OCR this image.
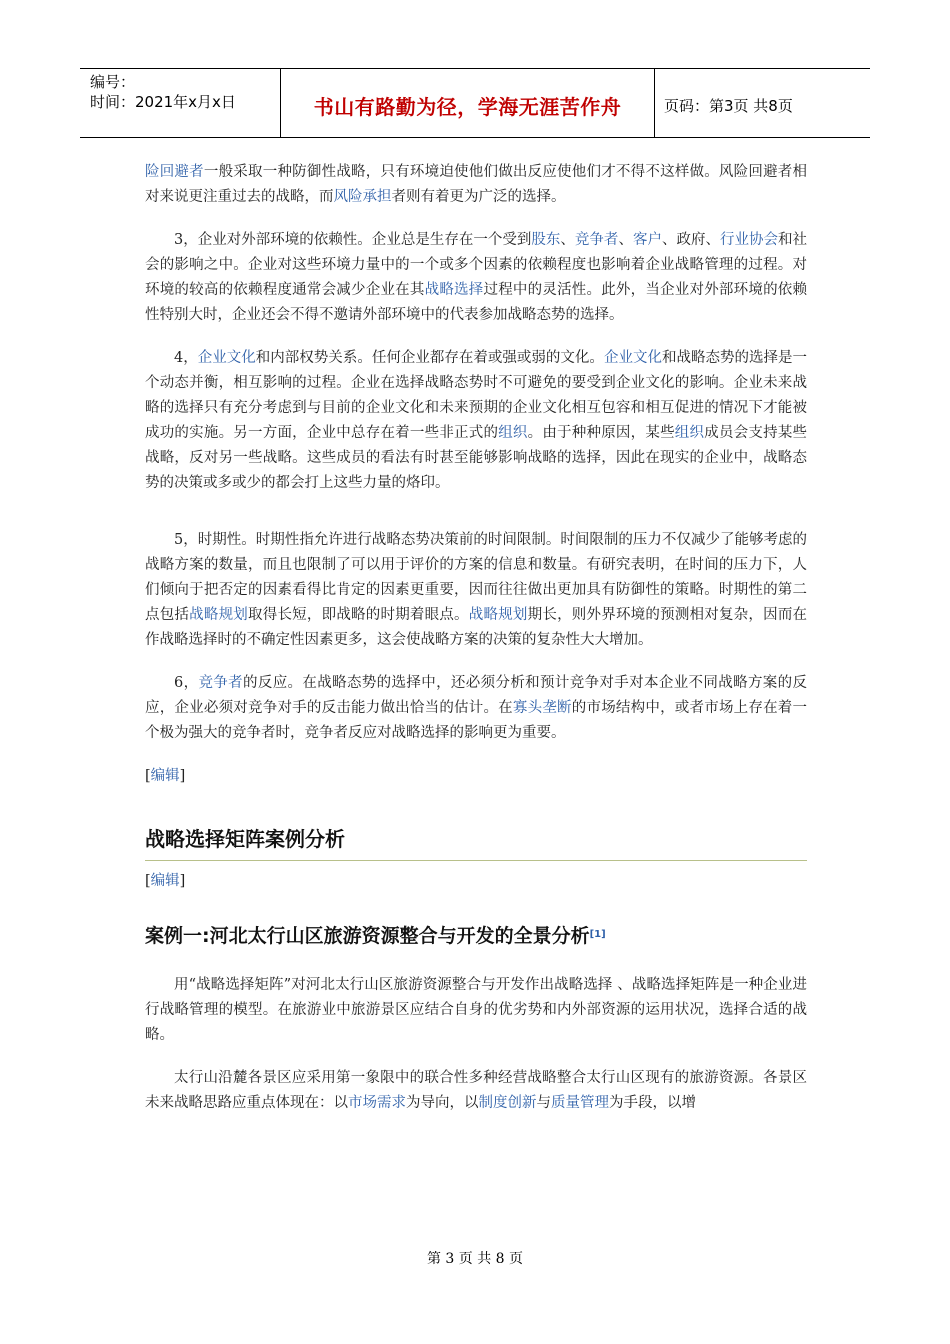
编号：
时间：2021年x月x日	书山有路勤为径，学海无涯苦作舟	页码：第3页 共8页

险回避者一般采取一种防御性战略，只有环境迫使他们做出反应使他们才不得不这样做。风险回避者相对来说更注重过去的战略，而风险承担者则有着更为广泛的选择。

3，企业对外部环境的依赖性。企业总是生存在一个受到股东、竞争者、客户、政府、行业协会和社会的影响之中。企业对这些环境力量中的一个或多个因素的依赖程度也影响着企业战略管理的过程。对环境的较高的依赖程度通常会减少企业在其战略选择过程中的灵活性。此外，当企业对外部环境的依赖性特别大时，企业还会不得不邀请外部环境中的代表参加战略态势的选择。

4，企业文化和内部权势关系。任何企业都存在着或强或弱的文化。企业文化和战略态势的选择是一个动态并衡，相互影响的过程。企业在选择战略态势时不可避免的要受到企业文化的影响。企业未来战略的选择只有充分考虑到与目前的企业文化和未来预期的企业文化相互包容和相互促进的情况下才能被成功的实施。另一方面，企业中总存在着一些非正式的组织。由于种种原因，某些组织成员会支持某些战略，反对另一些战略。这些成员的看法有时甚至能够影响战略的选择，因此在现实的企业中，战略态势的决策或多或少的都会打上这些力量的烙印。

5，时期性。时期性指允许进行战略态势决策前的时间限制。时间限制的压力不仅减少了能够考虑的战略方案的数量，而且也限制了可以用于评价的方案的信息和数量。有研究表明，在时间的压力下，人们倾向于把否定的因素看得比肯定的因素更重要，因而往往做出更加具有防御性的策略。时期性的第二点包括战略规划取得长短，即战略的时期着眼点。战略规划期长，则外界环境的预测相对复杂，因而在作战略选择时的不确定性因素更多，这会使战略方案的决策的复杂性大大增加。

6，竞争者的反应。在战略态势的选择中，还必须分析和预计竞争对手对本企业不同战略方案的反应，企业必须对竞争对手的反击能力做出恰当的估计。在寡头垄断的市场结构中，或者市场上存在着一个极为强大的竞争者时，竞争者反应对战略选择的影响更为重要。

[编辑]
战略选择矩阵案例分析
[编辑]
案例一:河北太行山区旅游资源整合与开发的全景分析[1]

用“战略选择矩阵”对河北太行山区旅游资源整合与开发作出战略选择 、战略选择矩阵是一种企业进行战略管理的模型。在旅游业中旅游景区应结合自身的优劣势和内外部资源的运用状况，选择合适的战略。

太行山沿麓各景区应采用第一象限中的联合性多种经营战略整合太行山区现有的旅游资源。各景区未来战略思路应重点体现在：以市场需求为导向，以制度创新与质量管理为手段，以增

第 3 页 共 8 页
